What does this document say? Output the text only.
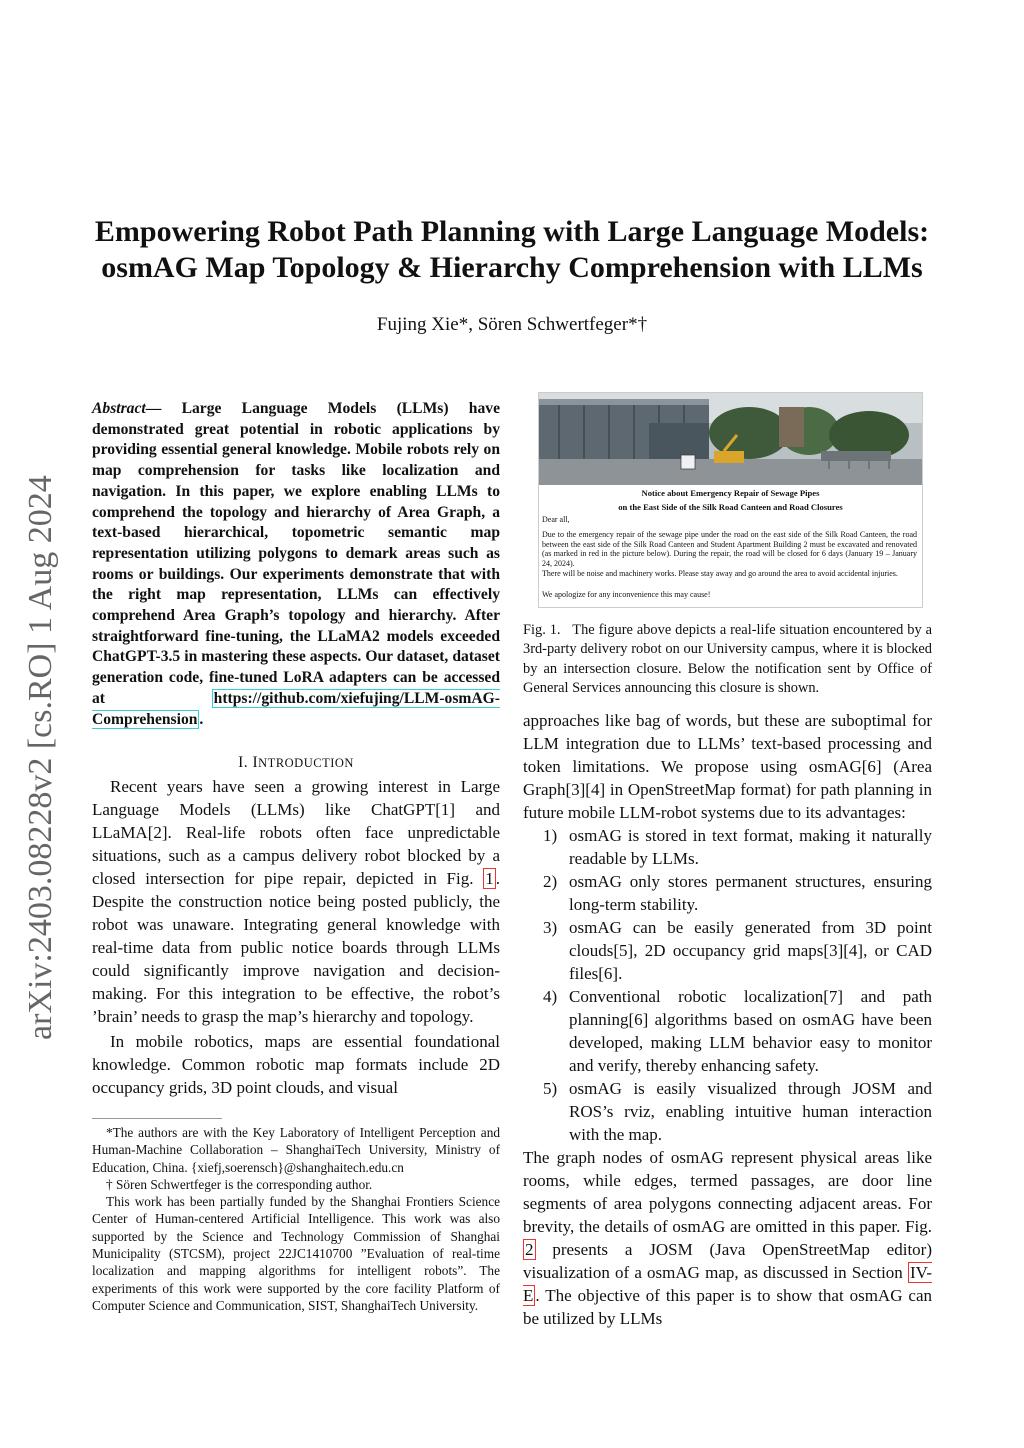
Empowering Robot Path Planning with Large Language Models:
osmAG Map Topology & Hierarchy Comprehension with LLMs
Fujing Xie*, Sören Schwertfeger*†
arXiv:2403.08228v2 [cs.RO] 1 Aug 2024
Abstract— Large Language Models (LLMs) have demonstrated great potential in robotic applications by providing essential general knowledge. Mobile robots rely on map comprehension for tasks like localization and navigation. In this paper, we explore enabling LLMs to comprehend the topology and hierarchy of Area Graph, a text-based hierarchical, topometric semantic map representation utilizing polygons to demark areas such as rooms or buildings. Our experiments demonstrate that with the right map representation, LLMs can effectively comprehend Area Graph’s topology and hierarchy. After straightforward fine-tuning, the LLaMA2 models exceeded ChatGPT-3.5 in mastering these aspects. Our dataset, dataset generation code, fine-tuned LoRA adapters can be accessed at https://github.com/xiefujing/LLM-osmAG-Comprehension .
I. INTRODUCTION

Recent years have seen a growing interest in Large Language Models (LLMs) like ChatGPT[1] and LLaMA[2]. Real-life robots often face unpredictable situations, such as a campus delivery robot blocked by a closed intersection for pipe repair, depicted in Fig. 1 . Despite the construction notice being posted publicly, the robot was unaware. Integrating general knowledge with real-time data from public notice boards through LLMs could significantly improve navigation and decision-making. For this integration to be effective, the robot’s ’brain’ needs to grasp the map’s hierarchy and topology.

In mobile robotics, maps are essential foundational knowledge. Common robotic map formats include 2D occupancy grids, 3D point clouds, and visual

*The authors are with the Key Laboratory of Intelligent Perception and Human-Machine Collaboration – ShanghaiTech University, Ministry of Education, China. {xiefj,soerensch}@shanghaitech.edu.cn

† Sören Schwertfeger is the corresponding author.

This work has been partially funded by the Shanghai Frontiers Science Center of Human-centered Artificial Intelligence. This work was also supported by the Science and Technology Commission of Shanghai Municipality (STCSM), project 22JC1410700 ”Evaluation of real-time localization and mapping algorithms for intelligent robots”. The experiments of this work were supported by the core facility Platform of Computer Science and Communication, SIST, ShanghaiTech University.

Notice about Emergency Repair of Sewage Pipes
on the East Side of the Silk Road Canteen and Road Closures
Dear all,
Due to the emergency repair of the sewage pipe under the road on the east side of the Silk Road Canteen, the road between the east side of the Silk Road Canteen and Student Apartment Building 2 must be excavated and renovated (as marked in red in the picture below). During the repair, the road will be closed for 6 days (January 19 – January 24, 2024).
There will be noise and machinery works. Please stay away and go around the area to avoid accidental injuries.
We apologize for any inconvenience this may cause!
Fig. 1. The figure above depicts a real-life situation encountered by a 3rd-party delivery robot on our University campus, where it is blocked by an intersection closure. Below the notification sent by Office of General Services announcing this closure is shown.

approaches like bag of words, but these are suboptimal for LLM integration due to LLMs’ text-based processing and token limitations. We propose using osmAG[6] (Area Graph[3][4] in OpenStreetMap format) for path planning in future mobile LLM-robot systems due to its advantages:

1) osmAG is stored in text format, making it naturally readable by LLMs.
2) osmAG only stores permanent structures, ensuring long-term stability.
3) osmAG can be easily generated from 3D point clouds[5], 2D occupancy grid maps[3][4], or CAD files[6].
4) Conventional robotic localization[7] and path planning[6] algorithms based on osmAG have been developed, making LLM behavior easy to monitor and verify, thereby enhancing safety.
5) osmAG is easily visualized through JOSM and ROS’s rviz, enabling intuitive human interaction with the map.

The graph nodes of osmAG represent physical areas like rooms, while edges, termed passages, are door line segments of area polygons connecting adjacent areas. For brevity, the details of osmAG are omitted in this paper. Fig. 2 presents a JOSM (Java OpenStreetMap editor) visualization of a osmAG map, as discussed in Section IV-E . The objective of this paper is to show that osmAG can be utilized by LLMs
